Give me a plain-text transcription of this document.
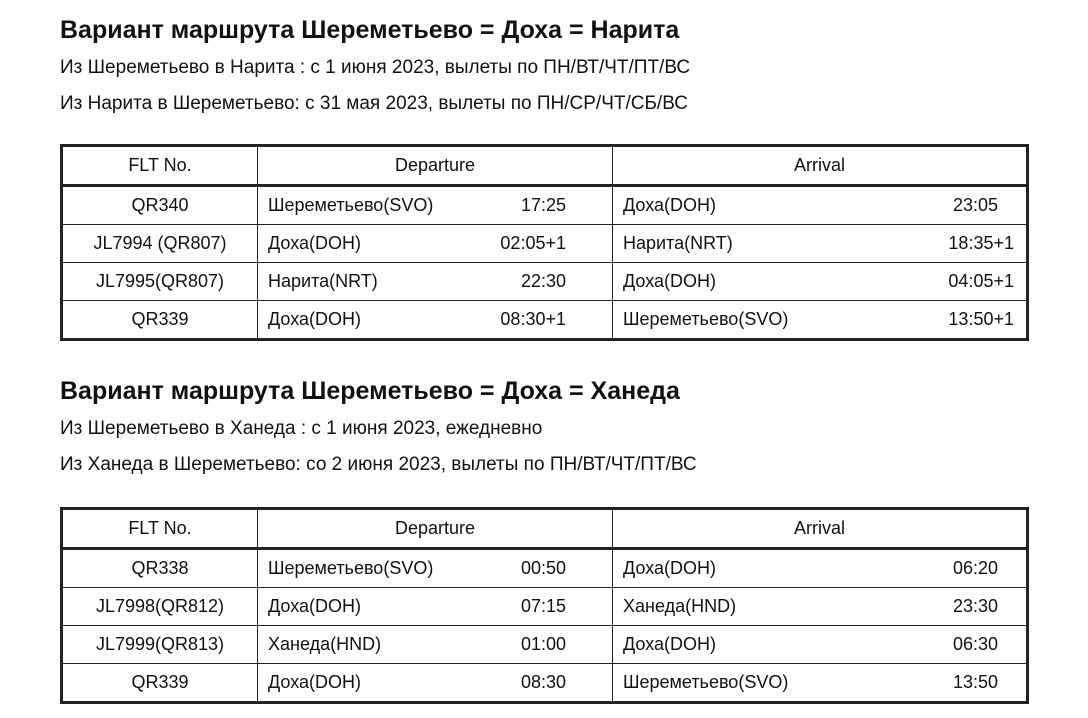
Вариант маршрута Шереметьево = Доха = Нарита

Из Шереметьево в Нарита : с 1 июня 2023, вылеты по ПН/ВТ/ЧТ/ПТ/ВС

Из Нарита в Шереметьево: с 31 мая 2023, вылеты по ПН/СР/ЧТ/СБ/ВС

FLT No.	Departure	Arrival
QR340	Шереметьево(SVO) 17:25	Доха(DOH) 23:05

JL7994 (QR807)	Доха(DOH) 02:05+1	Нарита(NRT) 18:35+1

JL7995(QR807)	Нарита(NRT) 22:30	Доха(DOH) 04:05+1

QR339	Доха(DOH) 08:30+1	Шереметьево(SVO) 13:50+1
Вариант маршрута Шереметьево = Доха = Ханеда

Из Шереметьево в Ханеда : с 1 июня 2023, ежедневно

Из Ханеда в Шереметьево: со 2 июня 2023, вылеты по ПН/ВТ/ЧТ/ПТ/ВС

FLT No.	Departure	Arrival
QR338	Шереметьево(SVO) 00:50	Доха(DOH) 06:20

JL7998(QR812)	Доха(DOH) 07:15	Ханеда(HND) 23:30

JL7999(QR813)	Ханеда(HND) 01:00	Доха(DOH) 06:30

QR339	Доха(DOH) 08:30	Шереметьево(SVO) 13:50
